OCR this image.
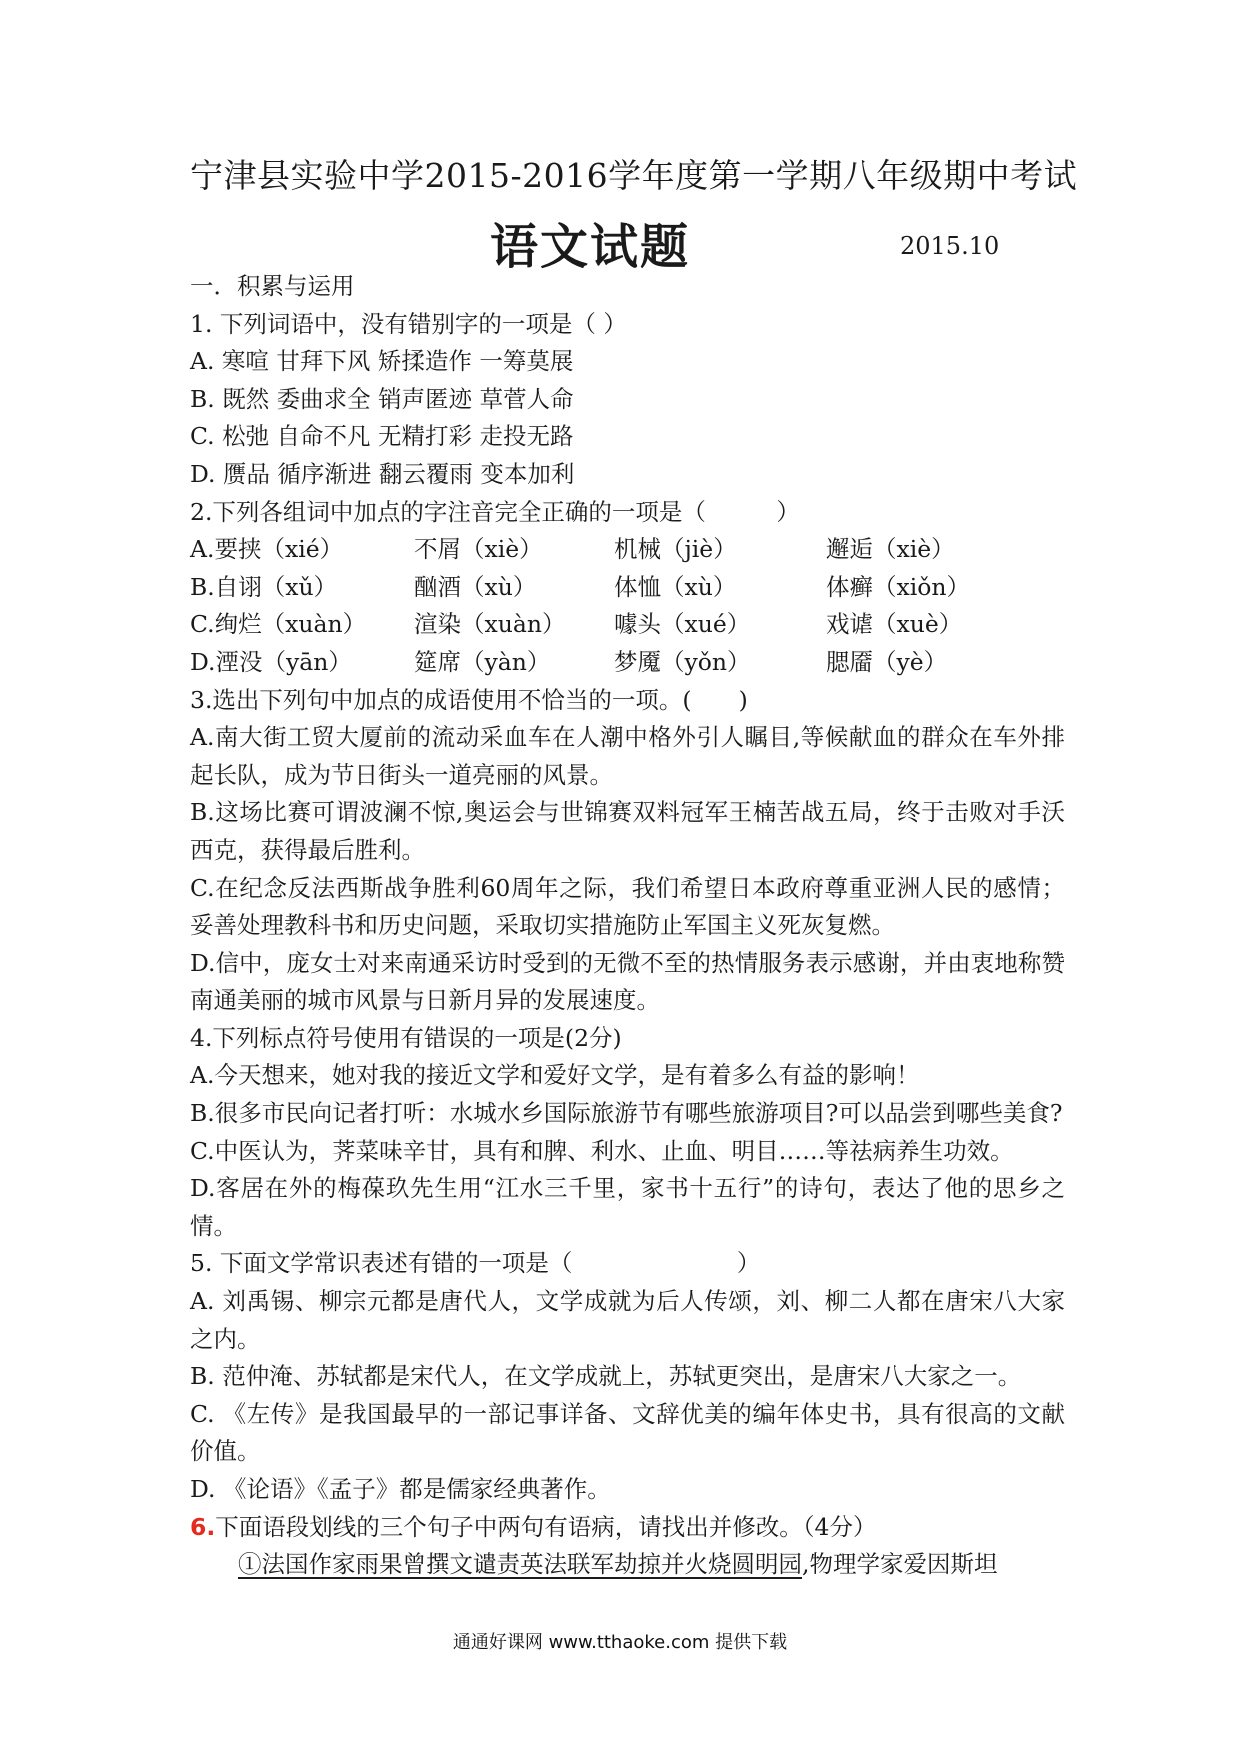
宁津县实验中学2015-2016学年度第一学期八年级期中考试
语文试题	2015.10
一．积累与运用
1. 下列词语中，没有错别字的一项是（ ）
A. 寒喧 甘拜下风 矫揉造作 一筹莫展
B. 既然 委曲求全 销声匿迹 草菅人命
C. 松弛 自命不凡 无精打彩 走投无路
D. 赝品 循序渐进 翻云覆雨 变本加利
2.下列各组词中加点的字注音完全正确的一项是（　　　）
A.要挟（xié）	不屑（xiè）	机械（jiè）	邂逅（xiè）
B.自诩（xǔ）	酗酒（xù）	体恤（xù）	体癣（xiǒn）
C.绚烂（xuàn）	渲染（xuàn）	噱头（xué）	戏谑（xuè）
D.湮没（yān）	筵席（yàn）	梦魇（yǒn）	腮靥（yè）
3.选出下列句中加点的成语使用不恰当的一项。(　　)
A.南大街工贸大厦前的流动采血车在人潮中格外引人瞩目,等候献血的群众在车外排起长队，成为节日街头一道亮丽的风景。
B.这场比赛可谓波澜不惊,奥运会与世锦赛双料冠军王楠苦战五局，终于击败对手沃西克，获得最后胜利。
C.在纪念反法西斯战争胜利60周年之际，我们希望日本政府尊重亚洲人民的感情；妥善处理教科书和历史问题，采取切实措施防止军国主义死灰复燃。
D.信中，庞女士对来南通采访时受到的无微不至的热情服务表示感谢，并由衷地称赞南通美丽的城市风景与日新月异的发展速度。
4.下列标点符号使用有错误的一项是(2分)
A.今天想来，她对我的接近文学和爱好文学，是有着多么有益的影响！
B.很多市民向记者打听：水城水乡国际旅游节有哪些旅游项目?可以品尝到哪些美食?
C.中医认为，荠菜味辛甘，具有和脾、利水、止血、明目……等祛病养生功效。
D.客居在外的梅葆玖先生用“江水三千里，家书十五行”的诗句，表达了他的思乡之情。
5. 下面文学常识表述有错的一项是（　　　　　　　）
A. 刘禹锡、柳宗元都是唐代人，文学成就为后人传颂，刘、柳二人都在唐宋八大家之内。
B. 范仲淹、苏轼都是宋代人，在文学成就上，苏轼更突出，是唐宋八大家之一。
C. 《左传》是我国最早的一部记事详备、文辞优美的编年体史书，具有很高的文献价值。
D. 《论语》《孟子》都是儒家经典著作。
6.下面语段划线的三个句子中两句有语病，请找出并修改。（4分）
①法国作家雨果曾撰文谴责英法联军劫掠并火烧圆明园,物理学家爱因斯坦
通通好课网 www.tthaoke.com 提供下载
